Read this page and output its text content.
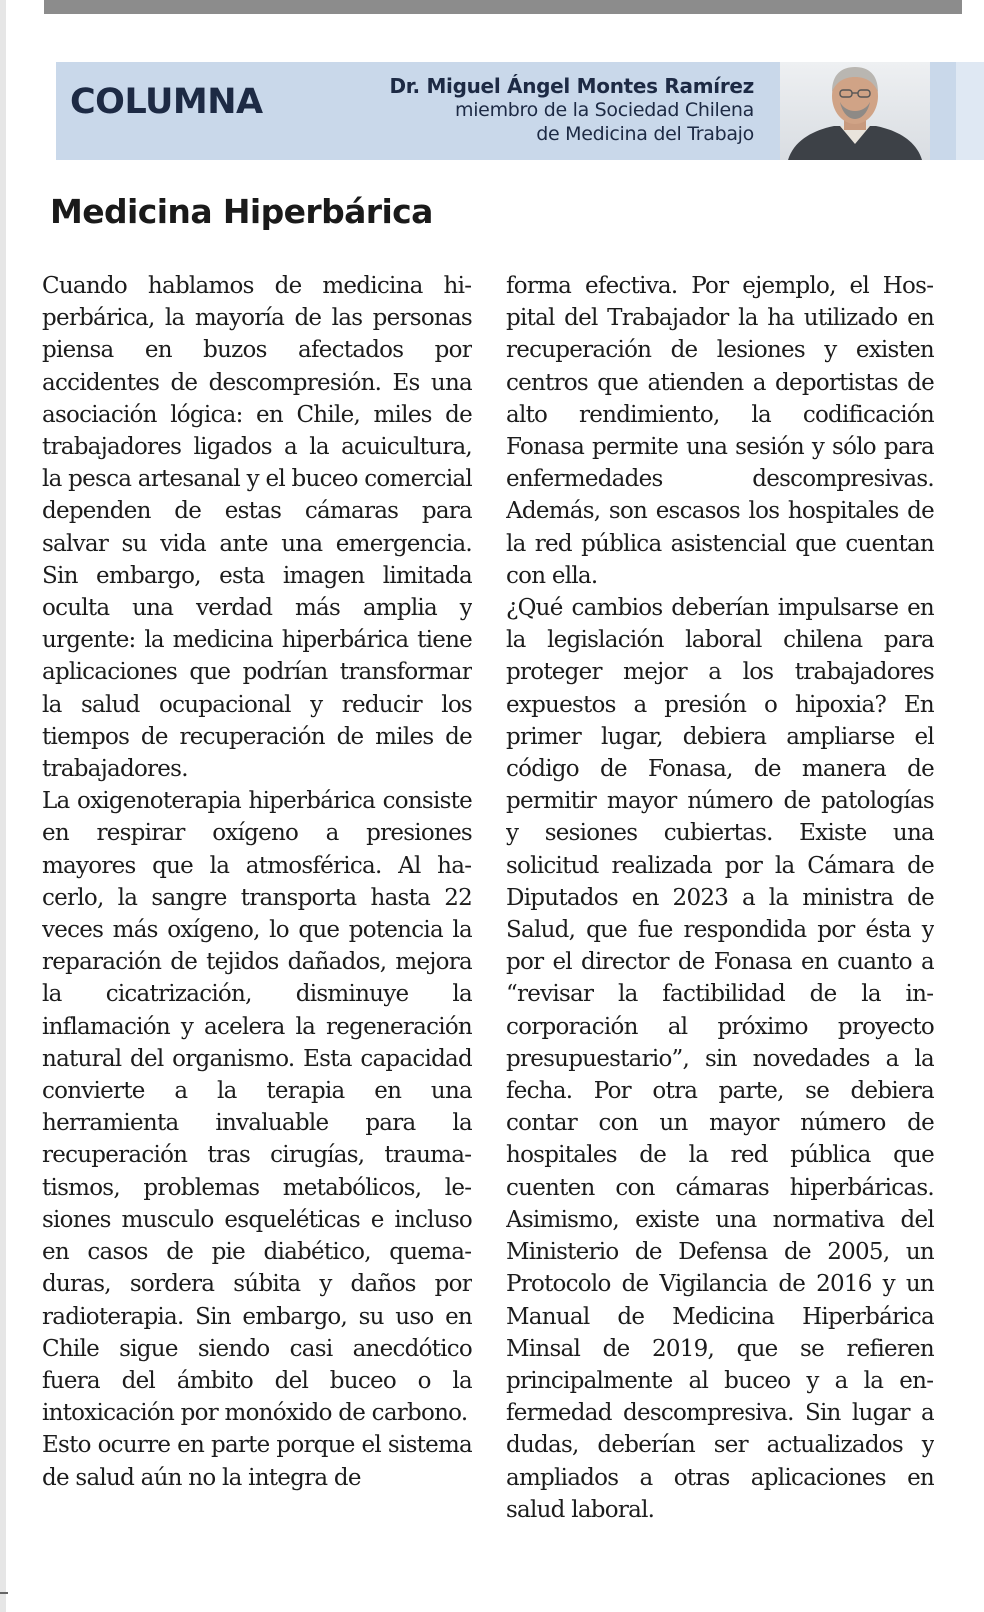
COLUMNA	Dr. Miguel Ángel Montes Ramírez
miembro de la Sociedad Chilena
de Medicina del Trabajo
Medicina Hiperbárica

Cuando hablamos de medicina hiperbárica, la mayoría de las personas piensa en buzos afectados por accidentes de descompresión. Es una asociación lógica: en Chile, miles de trabajadores ligados a la acuicultura, la pesca artesanal y el buceo comercial dependen de estas cámaras para salvar su vida ante una emergencia. Sin embargo, esta imagen limitada oculta una verdad más amplia y urgente: la medicina hiperbárica tiene aplicaciones que podrían transformar la salud ocupacional y reducir los tiempos de recuperación de miles de trabajadores.

La oxigenoterapia hiperbárica consiste en respirar oxígeno a presiones mayores que la atmosférica. Al hacerlo, la sangre transporta hasta 22 veces más oxígeno, lo que potencia la reparación de tejidos dañados, mejora la cicatrización, disminuye la inflamación y acelera la regeneración natural del organismo. Esta capacidad convierte a la terapia en una herramienta invaluable para la recuperación tras cirugías, traumatismos, problemas metabólicos, lesiones musculo esqueléticas e incluso en casos de pie diabético, quemaduras, sordera súbita y daños por radioterapia. Sin embargo, su uso en Chile sigue siendo casi anecdótico fuera del ámbito del buceo o la intoxicación por monóxido de carbono.

Esto ocurre en parte porque el sistema de salud aún no la integra de

forma efectiva. Por ejemplo, el Hospital del Trabajador la ha utilizado en recuperación de lesiones y existen centros que atienden a deportistas de alto rendimiento, la codificación Fonasa permite una sesión y sólo para enfermedades descompresivas. Además, son escasos los hospitales de la red pública asistencial que cuentan con ella.

¿Qué cambios deberían impulsarse en la legislación laboral chilena para proteger mejor a los trabajadores expuestos a presión o hipoxia? En primer lugar, debiera ampliarse el código de Fonasa, de manera de permitir mayor número de patologías y sesiones cubiertas. Existe una solicitud realizada por la Cámara de Diputados en 2023 a la ministra de Salud, que fue respondida por ésta y por el director de Fonasa en cuanto a “revisar la factibilidad de la incorporación al próximo proyecto presupuestario”, sin novedades a la fecha. Por otra parte, se debiera contar con un mayor número de hospitales de la red pública que cuenten con cámaras hiperbáricas. Asimismo, existe una normativa del Ministerio de Defensa de 2005, un Protocolo de Vigilancia de 2016 y un Manual de Medicina Hiperbárica Minsal de 2019, que se refieren principalmente al buceo y a la enfermedad descompresiva. Sin lugar a dudas, deberían ser actualizados y ampliados a otras aplicaciones en salud laboral.
